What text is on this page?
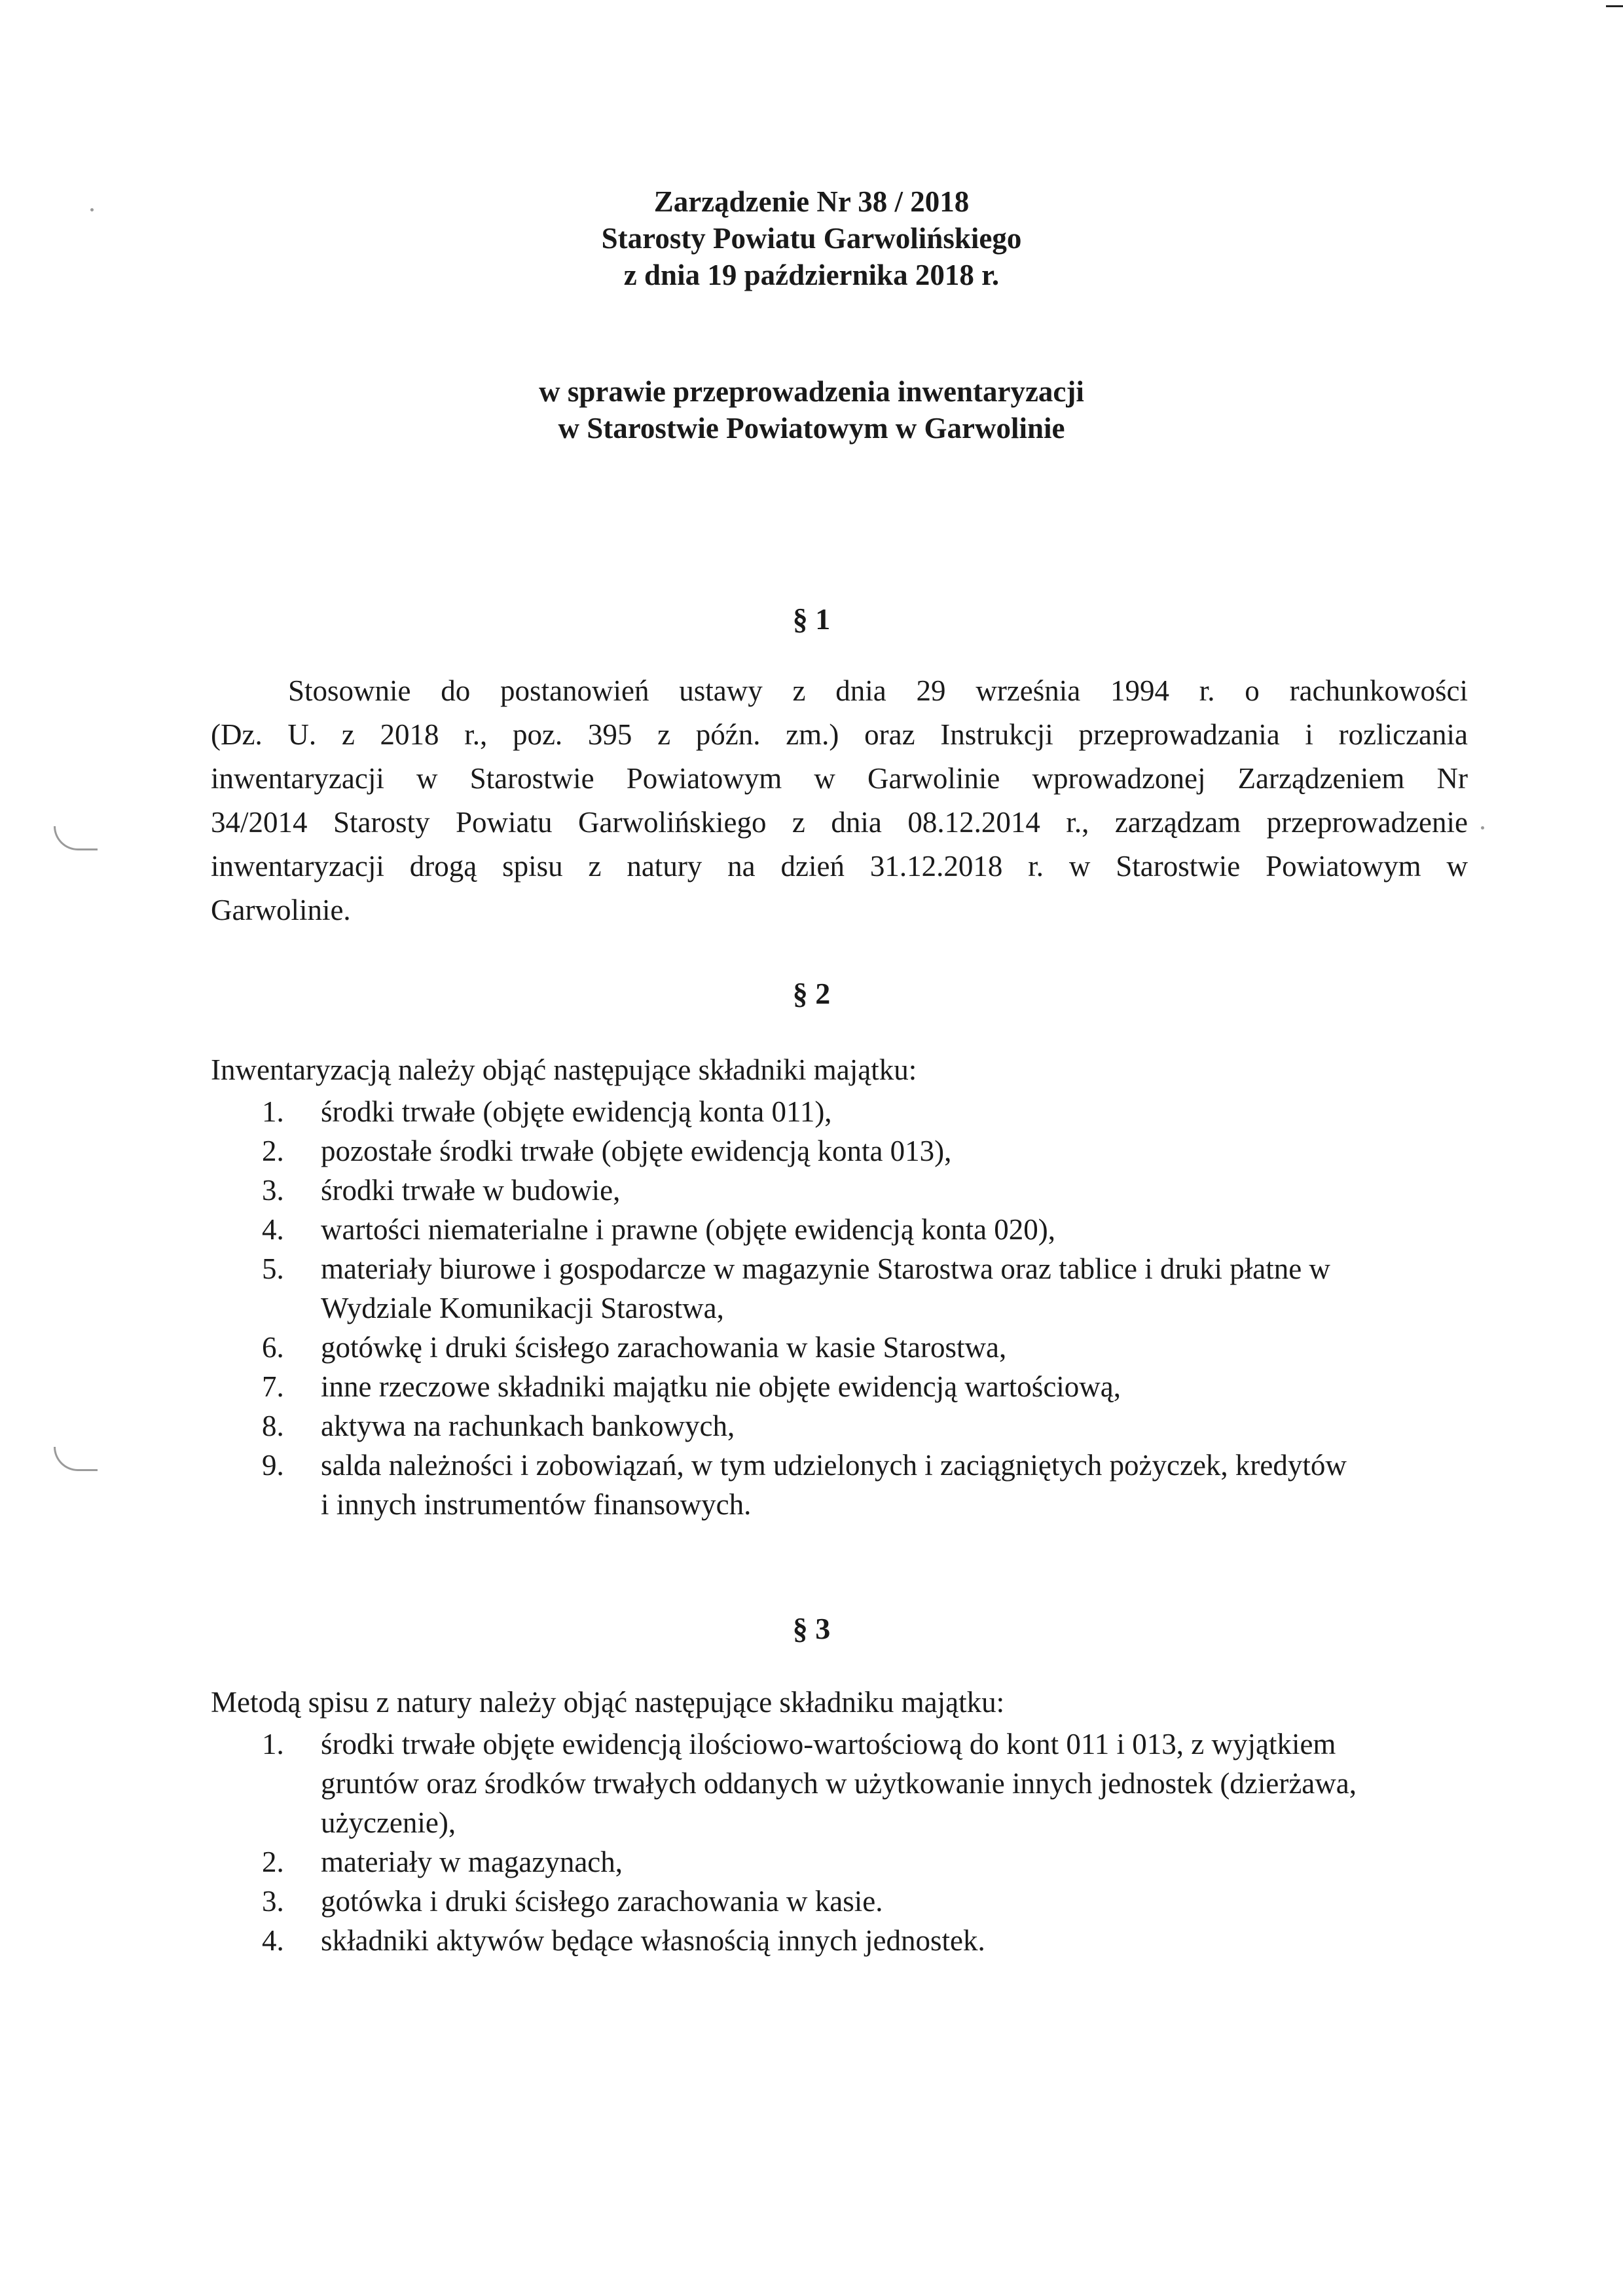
Zarządzenie Nr 38 / 2018
Starosty Powiatu Garwolińskiego
z dnia 19 października 2018 r.
w sprawie przeprowadzenia inwentaryzacji
w Starostwie Powiatowym w Garwolinie
§ 1
Stosownie do postanowień ustawy z dnia 29 września 1994 r. o rachunkowości
(Dz. U. z 2018 r., poz. 395 z późn. zm.) oraz Instrukcji przeprowadzania i rozliczania
inwentaryzacji w Starostwie Powiatowym w Garwolinie wprowadzonej Zarządzeniem Nr
34/2014 Starosty Powiatu Garwolińskiego z dnia 08.12.2014 r., zarządzam przeprowadzenie
inwentaryzacji drogą spisu z natury na dzień 31.12.2018 r. w Starostwie Powiatowym w
Garwolinie.
§ 2
Inwentaryzacją należy objąć następujące składniki majątku:
1.	środki trwałe (objęte ewidencją konta 011),
2.	pozostałe środki trwałe (objęte ewidencją konta 013),
3.	środki trwałe w budowie,
4.	wartości niematerialne i prawne (objęte ewidencją konta 020),
5.	materiały biurowe i gospodarcze w magazynie Starostwa oraz tablice i druki płatne w
Wydziale Komunikacji Starostwa,
6.	gotówkę i druki ścisłego zarachowania w kasie Starostwa,
7.	inne rzeczowe składniki majątku nie objęte ewidencją wartościową,
8.	aktywa na rachunkach bankowych,
9.	salda należności i zobowiązań, w tym udzielonych i zaciągniętych pożyczek, kredytów
i innych instrumentów finansowych.
§ 3
Metodą spisu z natury należy objąć następujące składniku majątku:
1.	środki trwałe objęte ewidencją ilościowo-wartościową do kont 011 i 013, z wyjątkiem
gruntów oraz środków trwałych oddanych w użytkowanie innych jednostek (dzierżawa,
użyczenie),
2.	materiały w magazynach,
3.	gotówka i druki ścisłego zarachowania w kasie.
4.	składniki aktywów będące własnością innych jednostek.
